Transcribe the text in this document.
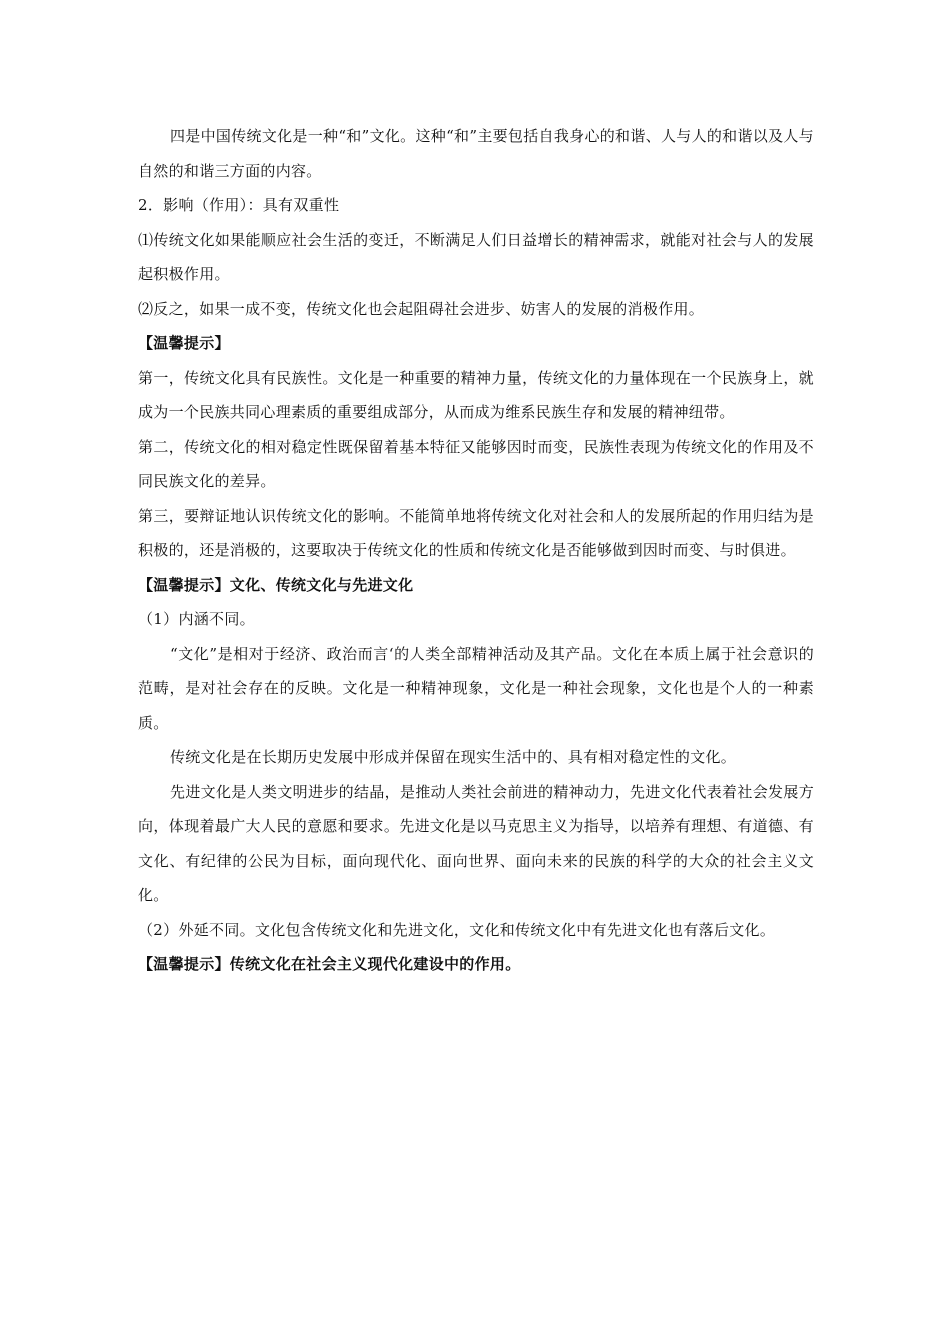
四是中国传统文化是一种“和”文化。这种“和”主要包括自我身心的和谐、人与人的和谐以及人与自然的和谐三方面的内容。

2．影响（作用）：具有双重性

⑴传统文化如果能顺应社会生活的变迁，不断满足人们日益增长的精神需求，就能对社会与人的发展起积极作用。

⑵反之，如果一成不变，传统文化也会起阻碍社会进步、妨害人的发展的消极作用。

【温馨提示】

第一，传统文化具有民族性。文化是一种重要的精神力量，传统文化的力量体现在一个民族身上，就成为一个民族共同心理素质的重要组成部分，从而成为维系民族生存和发展的精神纽带。

第二，传统文化的相对稳定性既保留着基本特征又能够因时而变，民族性表现为传统文化的作用及不同民族文化的差异。

第三，要辩证地认识传统文化的影响。不能简单地将传统文化对社会和人的发展所起的作用归结为是积极的，还是消极的，这要取决于传统文化的性质和传统文化是否能够做到因时而变、与时俱进。

【温馨提示】文化、传统文化与先进文化

（1）内涵不同。

“文化”是相对于经济、政治而言‘的人类全部精神活动及其产品。文化在本质上属于社会意识的范畴，是对社会存在的反映。文化是一种精神现象，文化是一种社会现象，文化也是个人的一种素质。

传统文化是在长期历史发展中形成并保留在现实生活中的、具有相对稳定性的文化。

先进文化是人类文明进步的结晶，是推动人类社会前进的精神动力，先进文化代表着社会发展方向，体现着最广大人民的意愿和要求。先进文化是以马克思主义为指导，以培养有理想、有道德、有文化、有纪律的公民为目标，面向现代化、面向世界、面向未来的民族的科学的大众的社会主义文化。

（2）外延不同。文化包含传统文化和先进文化，文化和传统文化中有先进文化也有落后文化。

【温馨提示】传统文化在社会主义现代化建设中的作用。
